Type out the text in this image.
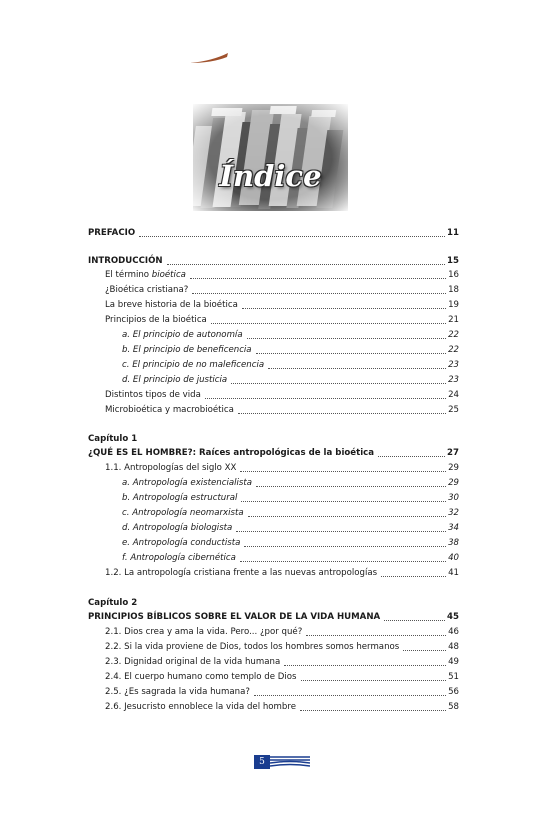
Índice
PREFACIO	11
INTRODUCCIÓN	15
El término bioética	16
¿Bioética cristiana?	18
La breve historia de la bioética	19
Principios de la bioética	21
a. El principio de autonomía	22
b. El principio de beneficencia	22
c. El principio de no maleficencia	23
d. El principio de justicia	23
Distintos tipos de vida	24
Microbioética y macrobioética	25
Capítulo 1
¿QUÉ ES EL HOMBRE?: Raíces antropológicas de la bioética	27
1.1. Antropologías del siglo XX	29
a. Antropología existencialista	29
b. Antropología estructural	30
c. Antropología neomarxista	32
d. Antropología biologista	34
e. Antropología conductista	38
f. Antropología cibernética	40
1.2. La antropología cristiana frente a las nuevas antropologías	41
Capítulo 2
PRINCIPIOS BÍBLICOS SOBRE EL VALOR DE LA VIDA HUMANA	45
2.1. Dios crea y ama la vida. Pero... ¿por qué?	46
2.2. Si la vida proviene de Dios, todos los hombres somos hermanos	48
2.3. Dignidad original de la vida humana	49
2.4. El cuerpo humano como templo de Dios	51
2.5. ¿Es sagrada la vida humana?	56
2.6. Jesucristo ennoblece la vida del hombre	58
5
